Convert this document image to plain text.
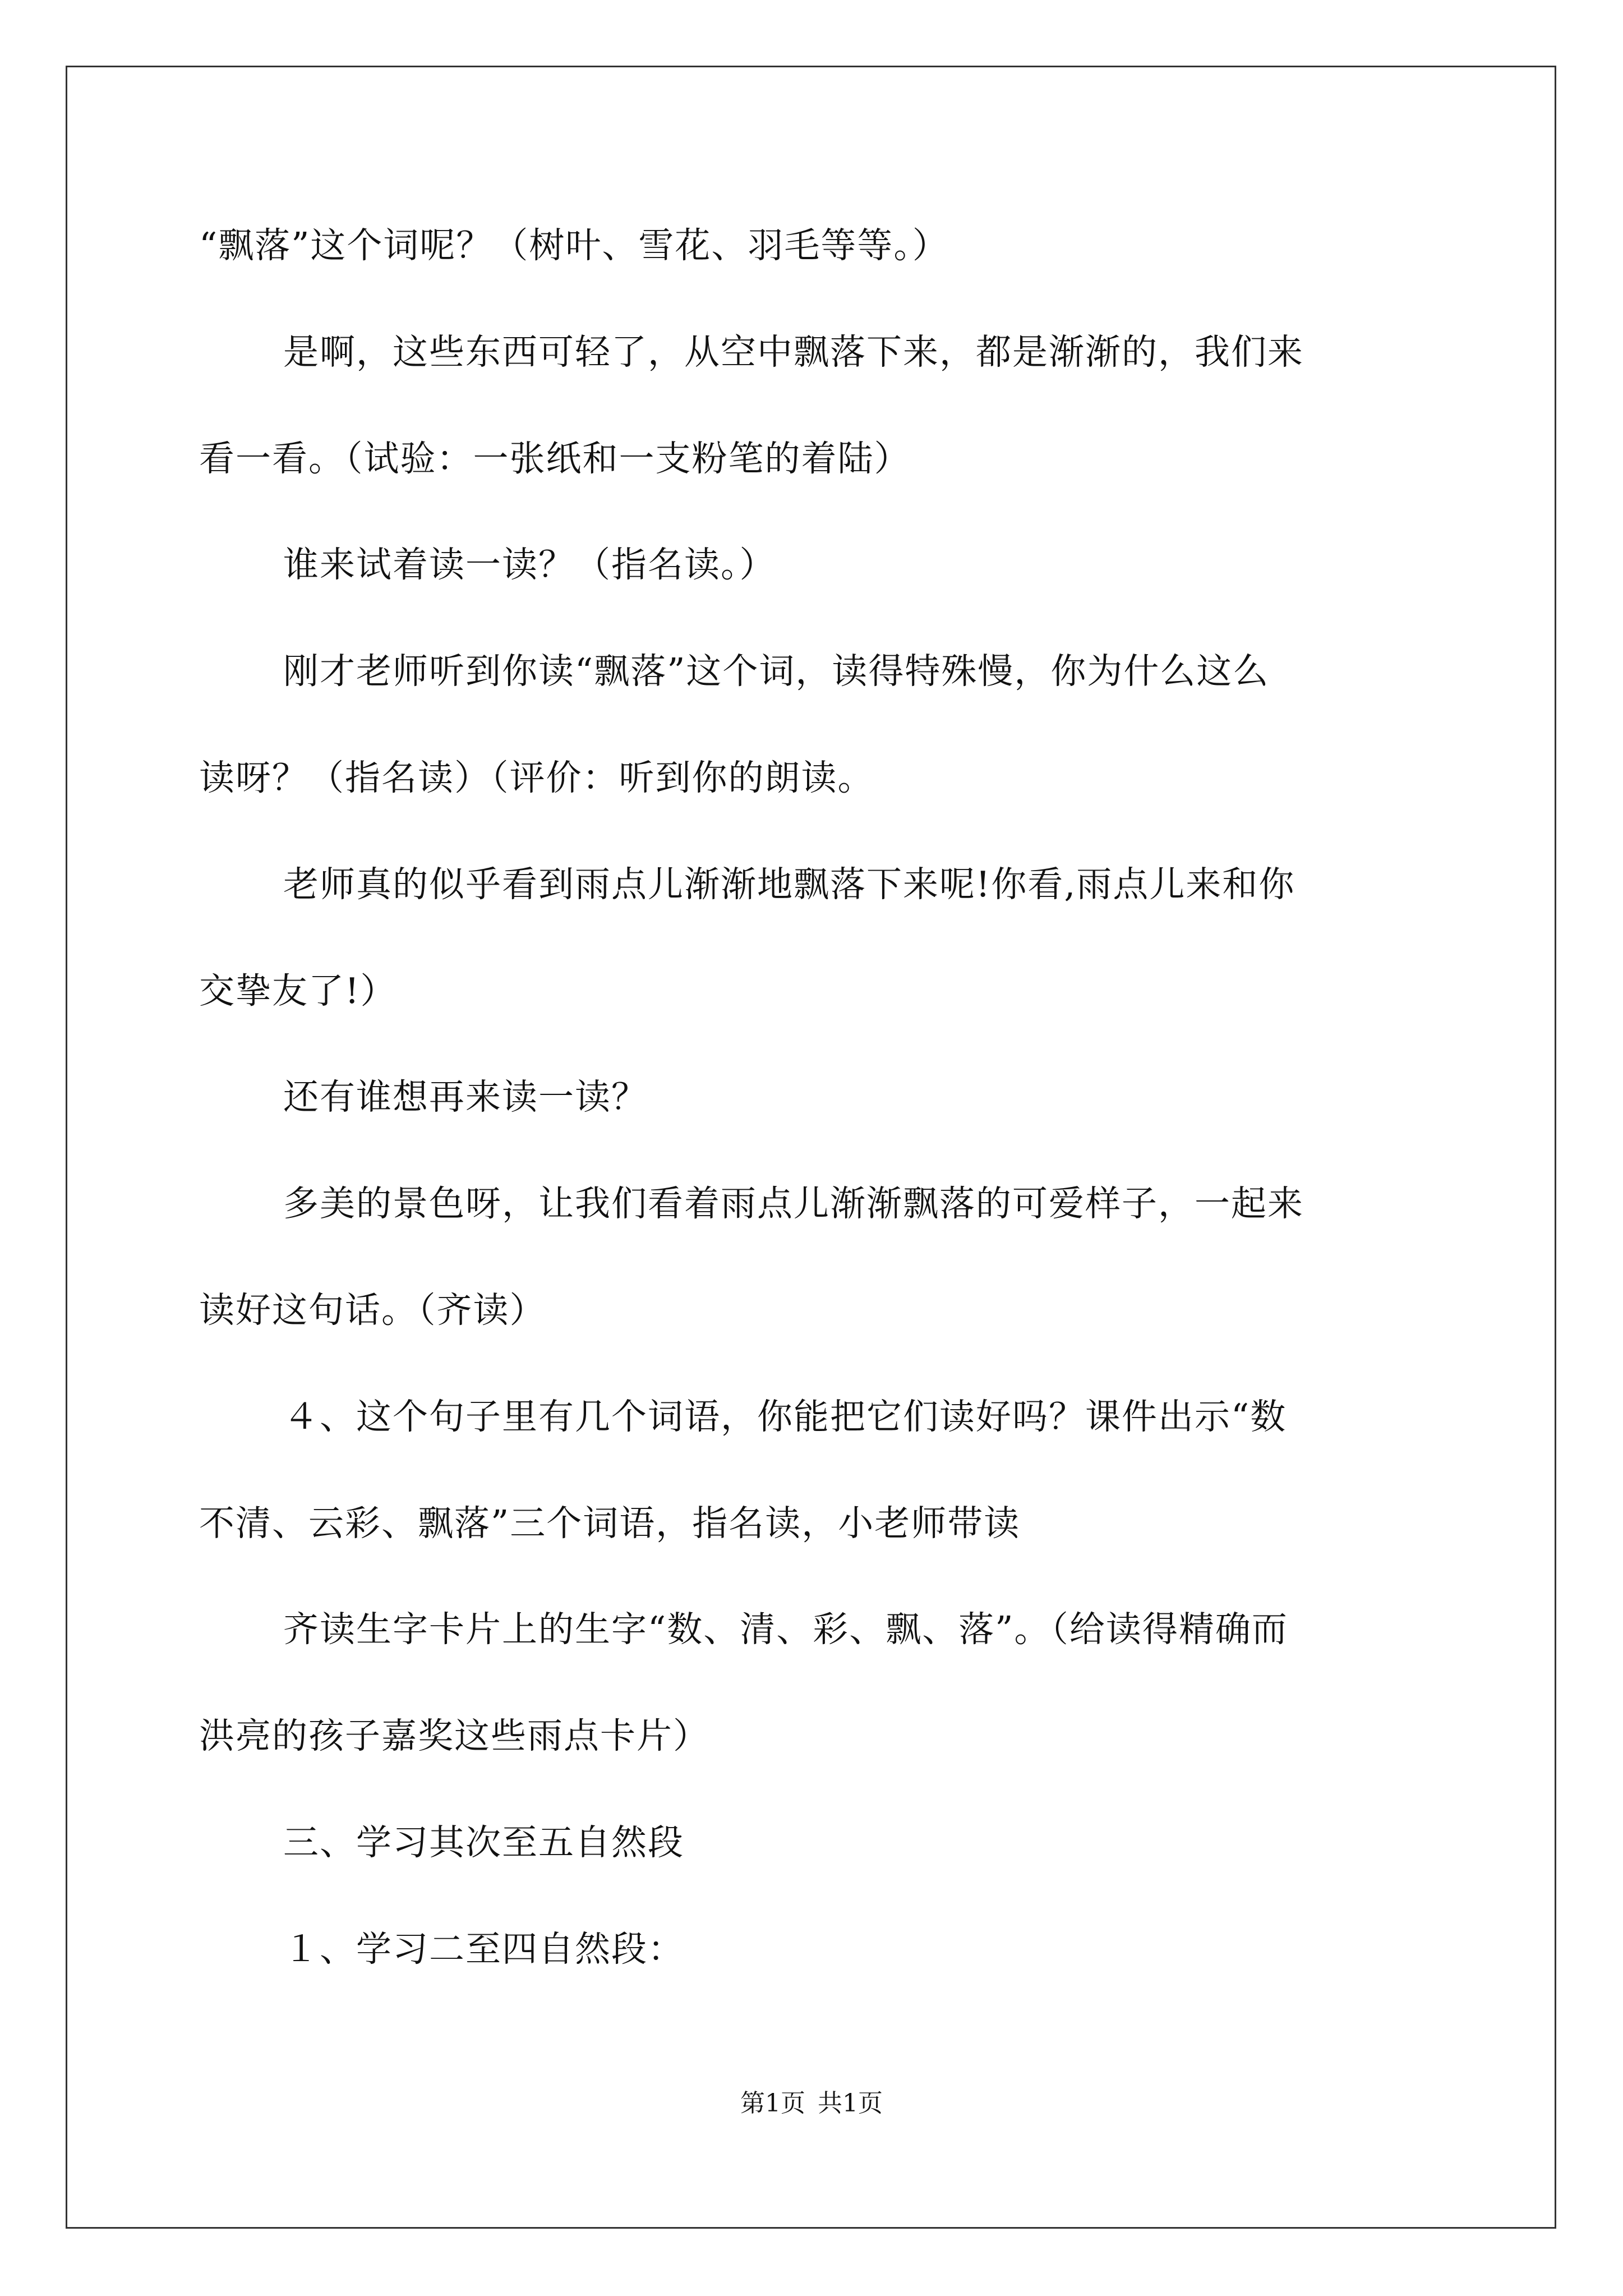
“飘落”这个词呢？（树叶、雪花、羽毛等等。）
是啊，这些东西可轻了，从空中飘落下来，都是渐渐的，我们来
看一看。（试验：一张纸和一支粉笔的着陆）
谁来试着读一读？（指名读。）
刚才老师听到你读“飘落”这个词，读得特殊慢，你为什么这么
读呀？（指名读）（评价：听到你的朗读。
老师真的似乎看到雨点儿渐渐地飘落下来呢!你看,雨点儿来和你
交挚友了!）
还有谁想再来读一读？
多美的景色呀，让我们看着雨点儿渐渐飘落的可爱样子，一起来
读好这句话。（齐读）
４、这个句子里有几个词语，你能把它们读好吗？课件出示“数
不清、云彩、飘落”三个词语，指名读，小老师带读
齐读生字卡片上的生字“数、清、彩、飘、落”。（给读得精确而
洪亮的孩子嘉奖这些雨点卡片）
三、学习其次至五自然段
１、学习二至四自然段：
第1页 共1页
